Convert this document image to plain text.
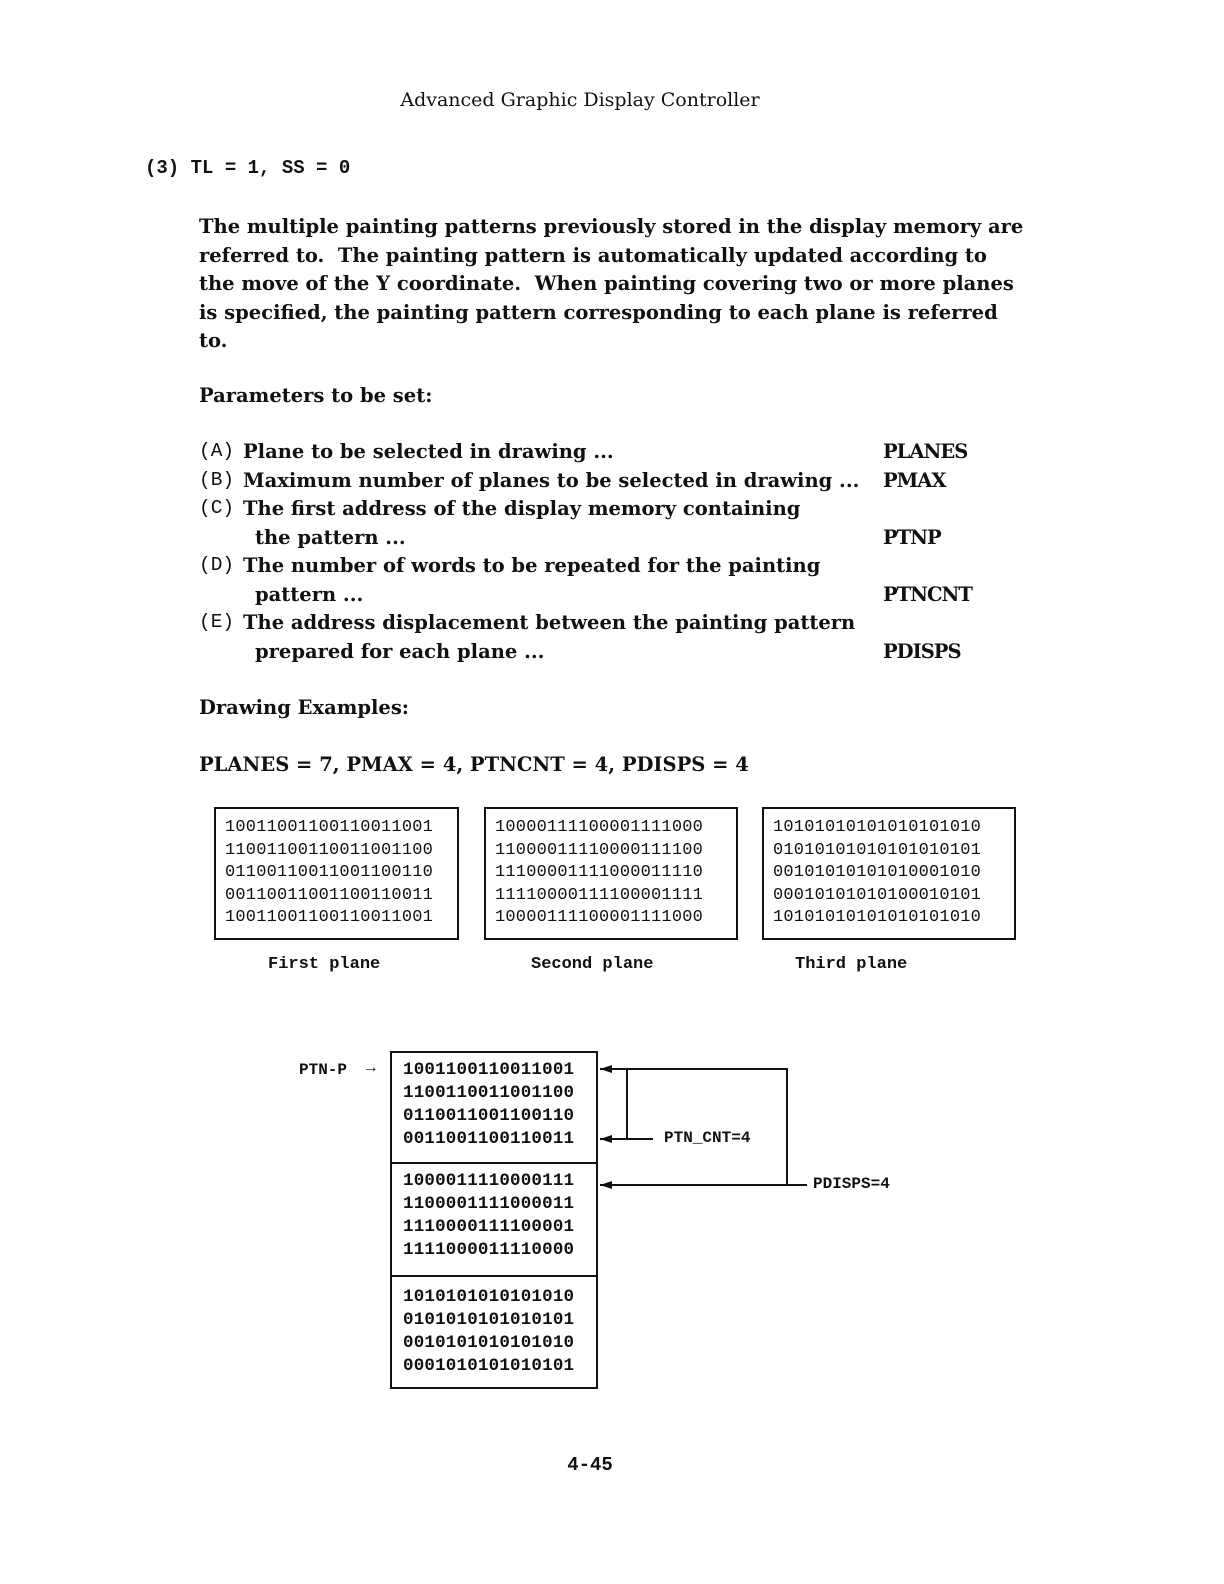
Advanced Graphic Display Controller
(3) TL = 1, SS = 0
The multiple painting patterns previously stored in the display memory are
referred to.  The painting pattern is automatically updated according to
the move of the Y coordinate.  When painting covering two or more planes
is specified, the painting pattern corresponding to each plane is referred
to.
Parameters to be set:
(A) Plane to be selected in drawing ...	PLANES
(B) Maximum number of planes to be selected in drawing ... PMAX
(C) The first address of the display memory containing
the pattern ...	PTNP
(D) The number of words to be repeated for the painting
pattern ...	PTNCNT
(E) The address displacement between the painting pattern
prepared for each plane ...	PDISPS
Drawing Examples:
PLANES = 7, PMAX = 4, PTNCNT = 4, PDISPS = 4
10011001100110011001
11001100110011001100
01100110011001100110
00110011001100110011
10011001100110011001
First plane
10000111100001111000
11000011110000111100
11100001111000011110
11110000111100001111
10000111100001111000
Second plane
10101010101010101010
01010101010101010101
00101010101010001010
00010101010100010101
10101010101010101010
Third plane
PTN-P → 1001100110011001
1100110011001100
0110011001100110
0011001100110011
1000011110000111
1100001111000011
1110000111100001
1111000011110000
1010101010101010
0101010101010101
0010101010101010
0001010101010101
PTN_CNT=4
PDISPS=4
4-45
